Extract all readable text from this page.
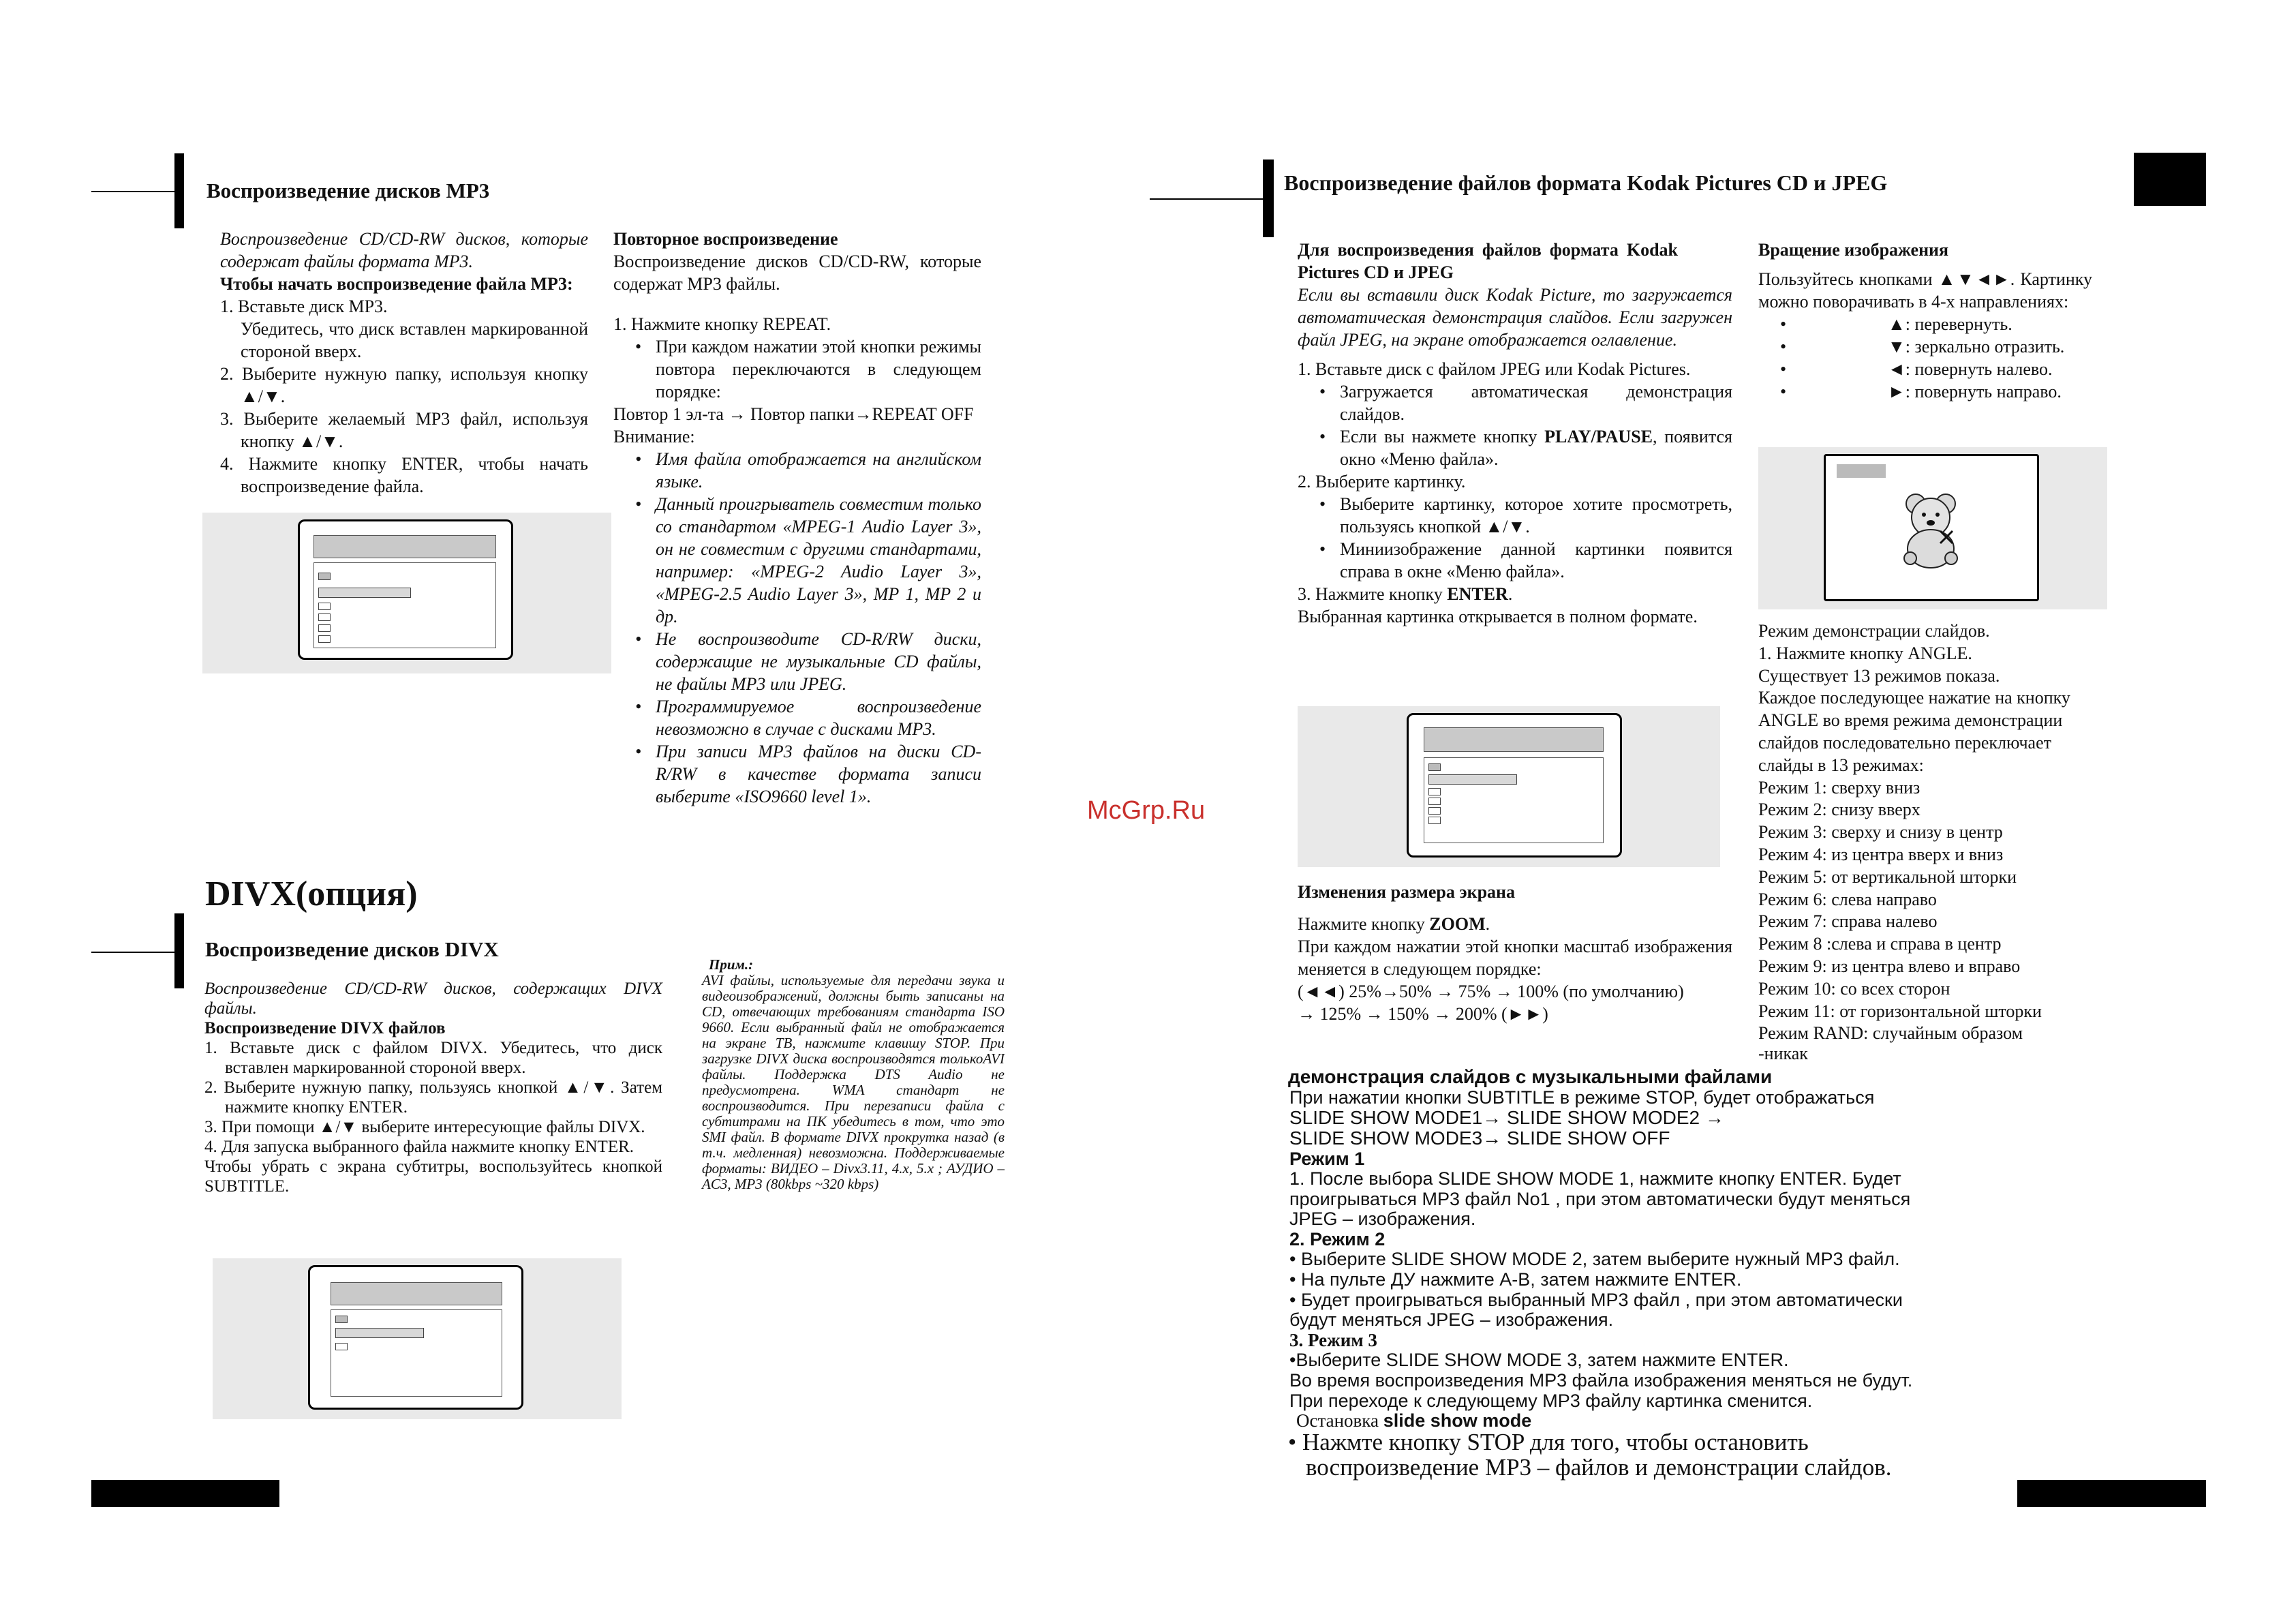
Воспроизведение дисков MP3

Воспроизведение CD/CD-RW дисков, которые содержат файлы формата MP3.

Чтобы начать воспроизведение файла MP3:

1. Вставьте диск MP3.

Убедитесь, что диск вставлен маркированной стороной вверх.

2. Выберите нужную папку, используя кнопку ▲/▼.

3. Выберите желаемый MP3 файл, используя кнопку ▲/▼.

4. Нажмите кнопку ENTER, чтобы начать воспроизведение файла.

Повторное воспроизведение

Воспроизведение дисков CD/CD-RW, которые содержат MP3 файлы.

1. Нажмите кнопку REPEAT.

• При каждом нажатии этой кнопки режимы повтора переключаются в следующем порядке:

Повтор 1 эл-та → Повтор папки→REPEAT OFF

Внимание:

• Имя файла отображается на английском языке.

• Данный проигрыватель совместим только со стандартом «MPEG-1 Audio Layer 3», он не совместим с другими стандартами, например: «MPEG-2 Audio Layer 3», «MPEG-2.5 Audio Layer 3», MP 1, MP 2 и др.

• Не воспроизводите CD-R/RW диски, содержащие не музыкальные CD файлы, не файлы MP3 или JPEG.

• Программируемое воспроизведение невозможно в случае с дисками MP3.

• При записи MP3 файлов на диски CD-R/RW в качестве формата записи выберите «ISO9660 level 1».	McGrp.Ru
DIVX(опция)
Воспроизведение дисков DIVX

Воспроизведение CD/CD-RW дисков, содержащих DIVX файлы.

Воспроизведение DIVX файлов

1. Вставьте диск с файлом DIVX. Убедитесь, что диск вставлен маркированной стороной вверх.

2. Выберите нужную папку, пользуясь кнопкой ▲/▼. Затем нажмите кнопку ENTER.

3. При помощи ▲/▼ выберите интересующие файлы DIVX.

4. Для запуска выбранного файла нажмите кнопку ENTER.

Чтобы убрать с экрана субтитры, воспользуйтесь кнопкой SUBTITLE.

Прим.:

AVI файлы, используемые для передачи звука и видеоизображений, должны быть записаны на CD, отвечающих требованиям стандарта ISO 9660. Если выбранный файл не отображается на экране ТВ, нажмите клавишу STOP. При загрузке DIVX диска воспроизводятся толькоAVI файлы. Поддержка DTS Audio не предусмотрена. WMA стандарт не воспроизводится. При перезаписи файла с субтитрами на ПК убедитесь в том, что это SMI файл. В формате DIVX прокрутка назад (в т.ч. медленная) невозможна. Поддерживаемые форматы: ВИДЕО – Divx3.11, 4.x, 5.x ; АУДИО – AC3, MP3 (80kbps ~320 kbps)

Воспроизведение файлов формата Kodak Pictures CD и JPEG

Для воспроизведения файлов формата Kodak Pictures CD и JPEG

Если вы вставили диск Kodak Picture, то загружается автоматическая демонстрация слайдов. Если загружен файл JPEG, на экране отображается оглавление.

1. Вставьте диск с файлом JPEG или Kodak Pictures.

• Загружается автоматическая демонстрация слайдов.

• Если вы нажмете кнопку PLAY/PAUSE, появится окно «Меню файла».

2. Выберите картинку.

• Выберите картинку, которое хотите просмотреть, пользуясь кнопкой ▲/▼.

• Миниизображение данной картинки появится справа в окне «Меню файла».

3. Нажмите кнопку ENTER.

Выбранная картинка открывается в полном формате.

Изменения размера экрана

Нажмите кнопку ZOOM.

При каждом нажатии этой кнопки масштаб изображения меняется в следующем порядке:

(◄◄) 25%→50% → 75% → 100% (по умолчанию)

→ 125% → 150% → 200% (►►)

Вращение изображения

Пользуйтесь кнопками ▲▼◄►. Картинку можно поворачивать в 4-х направлениях:

• ▲: перевернуть.

• ▼: зеркально отразить.

• ◄: повернуть налево.

• ►: повернуть направо.

Режим демонстрации слайдов.

1. Нажмите кнопку ANGLE.

Существует 13 режимов показа.

Каждое последующее нажатие на кнопку ANGLE во время режима демонстрации слайдов последовательно переключает слайды в 13 режимах:

Режим 1: сверху вниз

Режим 2: снизу вверх

Режим 3: сверху и снизу в центр

Режим 4: из центра вверх и вниз

Режим 5: от вертикальной шторки

Режим 6: слева направо

Режим 7: справа налево

Режим 8 :слева и справа в центр

Режим 9: из центра влево и вправо

Режим 10: со всех сторон

Режим 11: от горизонтальной шторки

Режим RAND: случайным образом

-никак

демонстрация слайдов с музыкальными файлами
При нажатии кнопки SUBTITLE в режиме STOP, будет отображаться
SLIDE SHOW MODE1→ SLIDE SHOW MODE2 →
SLIDE SHOW MODE3→ SLIDE SHOW OFF
Режим 1
1. После выбора SLIDE SHOW MODE 1, нажмите кнопку ENTER. Будет
проигрываться MP3 файл No1 , при этом автоматически будут меняться
JPEG – изображения.
2. Режим 2
• Выберите SLIDE SHOW MODE 2, затем выберите нужный MP3 файл.
• На пульте ДУ нажмите A-B, затем нажмите ENTER.
• Будет проигрываться выбранный MP3 файл , при этом автоматически
будут меняться JPEG – изображения.
3. Режим 3
•Выберите SLIDE SHOW MODE 3, затем нажмите ENTER.
Во время воспроизведения MP3 файла изображения меняться не будут.
При переходе к следующему MP3 файлу картинка сменится.
Остановка slide show mode
• Нажмте кнопку STOP для того, чтобы остановить
воспроизведение MP3 – файлов и демонстрации слайдов.
